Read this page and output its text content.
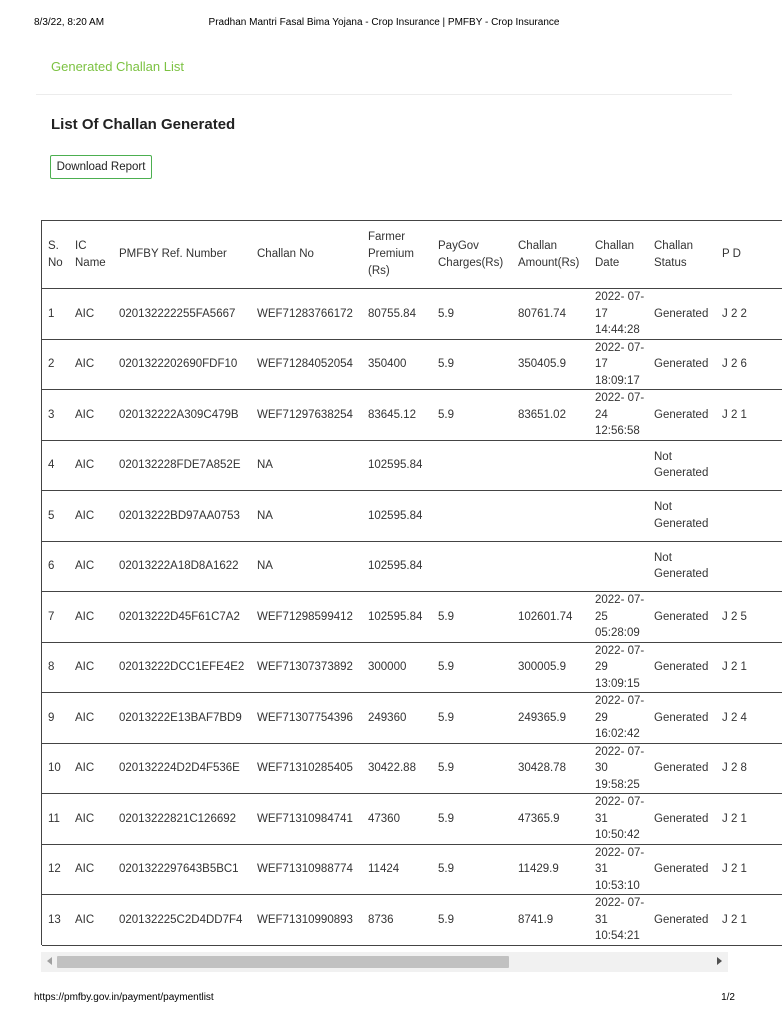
8/3/22, 8:20 AM	Pradhan Mantri Fasal Bima Yojana - Crop Insurance | PMFBY - Crop Insurance
Generated Challan List
List Of Challan Generated
Download Report
S. No	IC Name	PMFBY Ref. Number	Challan No	Farmer Premium (Rs)	PayGov Charges(Rs)	Challan Amount(Rs)	Challan Date	Challan Status	P D
1	AIC	020132222255FA5667	WEF71283766172	80755.84	5.9	80761.74	2022- 07-17 14:44:28	Generated	J 2 2
2	AIC	0201322202690FDF10	WEF71284052054	350400	5.9	350405.9	2022- 07-17 18:09:17	Generated	J 2 6
3	AIC	020132222A309C479B	WEF71297638254	83645.12	5.9	83651.02	2022- 07-24 12:56:58	Generated	J 2 1
4	AIC	020132228FDE7A852E	NA	102595.84				Not Generated	
5	AIC	02013222BD97AA0753	NA	102595.84				Not Generated	
6	AIC	02013222A18D8A1622	NA	102595.84				Not Generated	
7	AIC	02013222D45F61C7A2	WEF71298599412	102595.84	5.9	102601.74	2022- 07-25 05:28:09	Generated	J 2 5
8	AIC	02013222DCC1EFE4E2	WEF71307373892	300000	5.9	300005.9	2022- 07-29 13:09:15	Generated	J 2 1
9	AIC	02013222E13BAF7BD9	WEF71307754396	249360	5.9	249365.9	2022- 07-29 16:02:42	Generated	J 2 4
10	AIC	020132224D2D4F536E	WEF71310285405	30422.88	5.9	30428.78	2022- 07-30 19:58:25	Generated	J 2 8
11	AIC	02013222821C126692	WEF71310984741	47360	5.9	47365.9	2022- 07-31 10:50:42	Generated	J 2 1
12	AIC	0201322297643B5BC1	WEF71310988774	11424	5.9	11429.9	2022- 07-31 10:53:10	Generated	J 2 1
13	AIC	020132225C2D4DD7F4	WEF71310990893	8736	5.9	8741.9	2022- 07-31 10:54:21	Generated	J 2 1
https://pmfby.gov.in/payment/paymentlist	1/2
